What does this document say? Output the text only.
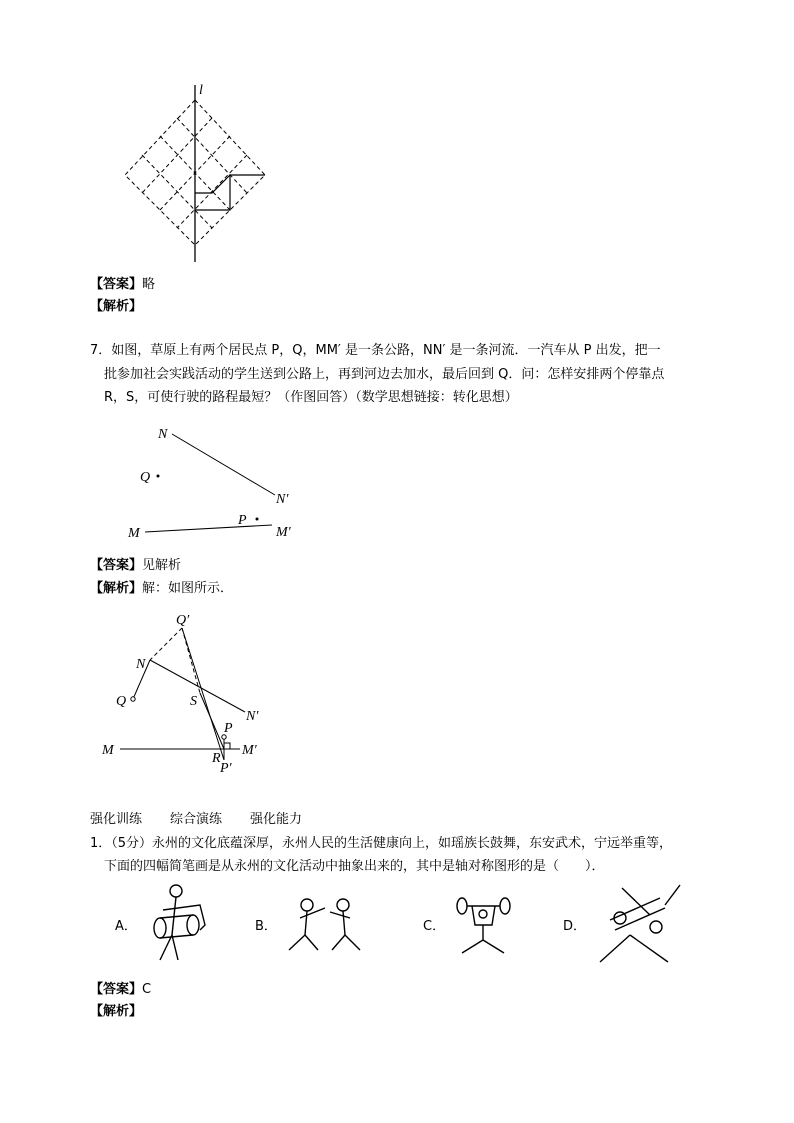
l
【答案】略
【解析】
7．如图，草原上有两个居民点 P，Q，MM′ 是一条公路，NN′ 是一条河流．一汽车从 P 出发，把一
批参加社会实践活动的学生送到公路上，再到河边去加水，最后回到 Q．问：怎样安排两个停靠点
R，S，可使行驶的路程最短？（作图回答）（数学思想链接：转化思想）
N
Q
N′
P
M	M′
【答案】见解析
【解析】解：如图所示．
Q′
N
Q	S
N′
P
M	M′
R
P′
强化训练 综合演练 强化能力
1．（5分）永州的文化底蕴深厚，永州人民的生活健康向上，如瑶族长鼓舞，东安武术，宁远举重等，
下面的四幅简笔画是从永州的文化活动中抽象出来的，其中是轴对称图形的是（　　）．
A．	B．	C．	D．
【答案】C
【解析】
